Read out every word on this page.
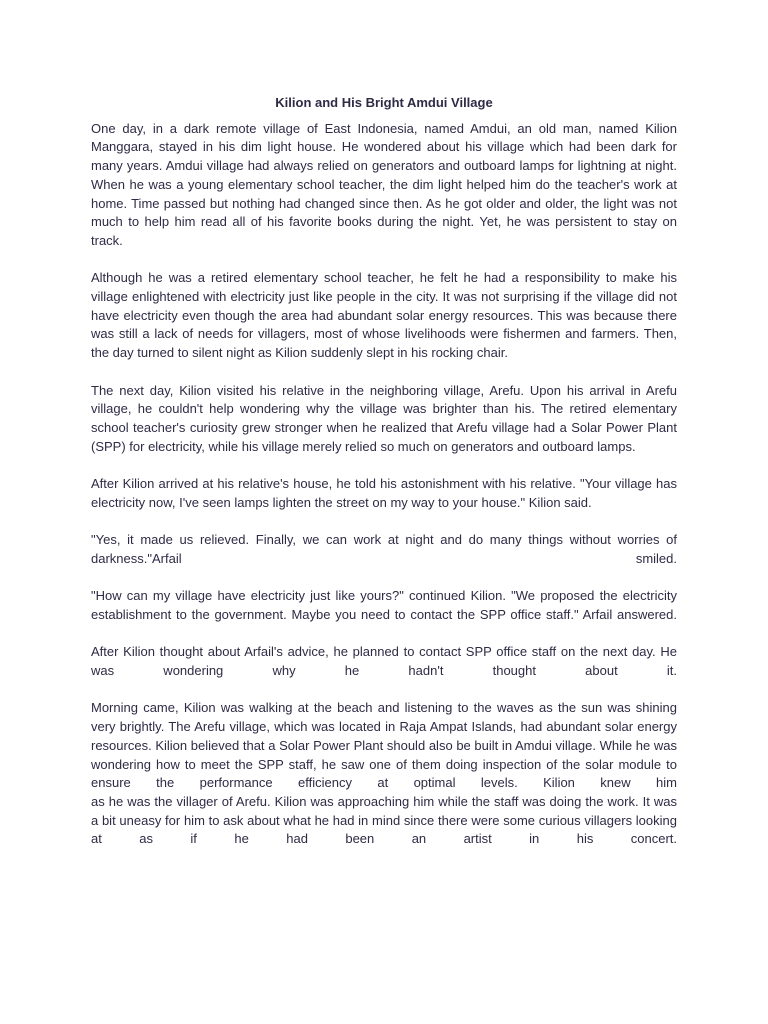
Kilion and His Bright Amdui Village
One day, in a dark remote village of East Indonesia, named Amdui, an old man, named Kilion Manggara, stayed in his dim light house. He wondered about his village which had been dark for many years. Amdui village had always relied on generators and outboard lamps for lightning at night. When he was a young elementary school teacher, the dim light helped him do the teacher's work at home. Time passed but nothing had changed since then. As he got older and older, the light was not much to help him read all of his favorite books during the night. Yet, he was persistent to stay on track.
Although he was a retired elementary school teacher, he felt he had a responsibility to make his village enlightened with electricity just like people in the city. It was not surprising if the village did not have electricity even though the area had abundant solar energy resources. This was because there was still a lack of needs for villagers, most of whose livelihoods were fishermen and farmers. Then, the day turned to silent night as Kilion suddenly slept in his rocking chair.
The next day, Kilion visited his relative in the neighboring village, Arefu. Upon his arrival in Arefu village, he couldn't help wondering why the village was brighter than his. The retired elementary school teacher's curiosity grew stronger when he realized that Arefu village had a Solar Power Plant (SPP) for electricity, while his village merely relied so much on generators and outboard lamps.
After Kilion arrived at his relative's house, he told his astonishment with his relative. "Your village has electricity now, I've seen lamps lighten the street on my way to your house." Kilion said.
"Yes, it made us relieved. Finally, we can work at night and do many things without worries of darkness."Arfail smiled.
"How can my village have electricity just like yours?" continued Kilion. "We proposed the electricity establishment to the government. Maybe you need to contact the SPP office staff." Arfail answered.
After Kilion thought about Arfail's advice, he planned to contact SPP office staff on the next day. He was wondering why he hadn't thought about it.
Morning came, Kilion was walking at the beach and listening to the waves as the sun was shining very brightly. The Arefu village, which was located in Raja Ampat Islands, had abundant solar energy resources. Kilion believed that a Solar Power Plant should also be built in Amdui village. While he was wondering how to meet the SPP staff, he saw one of them doing inspection of the solar module to ensure the performance efficiency at optimal levels. Kilion knew him
as he was the villager of Arefu. Kilion was approaching him while the staff was doing the work. It was a bit uneasy for him to ask about what he had in mind since there were some curious villagers looking at as if he had been an artist in his concert.
